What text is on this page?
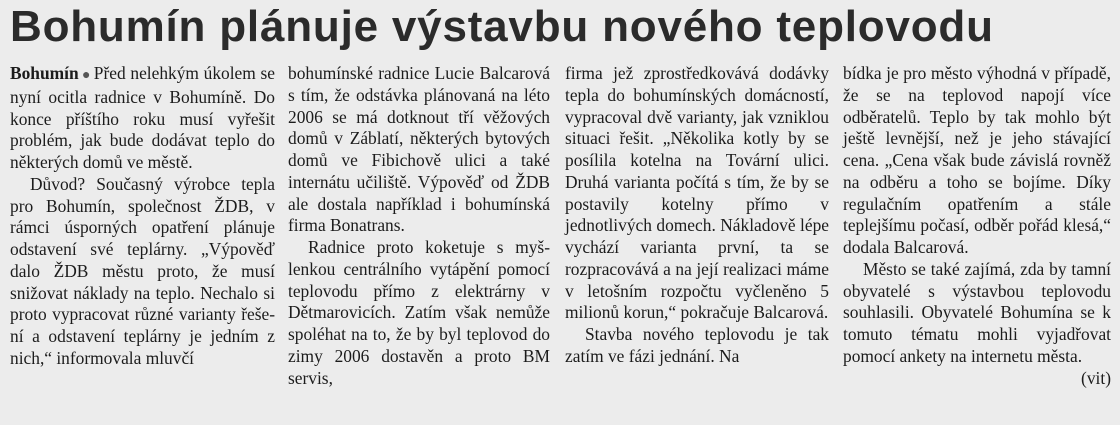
Bohumín plánuje výstavbu nového teplovodu

Bohumín ● Před nelehkým úkolem se nyní ocitla radnice v Bohumíně. Do konce příštího roku musí vyřešit problém, jak bude dodávat teplo do některých domů ve městě.

Důvod? Současný výrobce tepla pro Bohumín, společnost ŽDB, v rámci úsporných opatření plánuje odstavení své teplárny. „Výpověď dalo ŽDB městu proto, že musí snižovat náklady na teplo. Nechalo si proto vypracovat různé varianty řešení a odstavení teplárny je jedním z nich,“ informovala mluvčí

bohumínské radnice Lucie Balcarová s tím, že odstávka plánovaná na léto 2006 se má dotknout tří věžových domů v Záblatí, některých bytových domů ve Fibichově ulici a také internátu učiliště. Výpověď od ŽDB ale dostala například i bohumínská firma Bonatrans.

Radnice proto koketuje s myšlenkou centrálního vytápění pomocí teplovodu přímo z elektrárny v Dětmarovicích. Zatím však nemůže spoléhat na to, že by byl teplovod do zimy 2006 dostavěn a proto BM servis,

firma jež zprostředkovává dodávky tepla do bohumínských domácností, vypracoval dvě varianty, jak vzniklou situaci řešit. „Několika kotly by se posílila kotelna na Tovární ulici. Druhá varianta počítá s tím, že by se postavily kotelny přímo v jednotlivých domech. Nákladově lépe vychází varianta první, ta se rozpracovává a na její realizaci máme v letošním rozpočtu vyčleněno 5 milionů korun,“ pokračuje Balcarová.

Stavba nového teplovodu je tak zatím ve fázi jednání. Na

bídka je pro město výhodná v případě, že se na teplovod napojí více odběratelů. Teplo by tak mohlo být ještě levnější, než je jeho stávající cena. „Cena však bude závislá rovněž na odběru a toho se bojíme. Díky regulačním opatřením a stále teplejšímu počasí, odběr pořád klesá,“ dodala Balcarová.

Město se také zajímá, zda by tamní obyvatelé s výstavbou teplovodu souhlasili. Obyvatelé Bohumína se k tomuto tématu mohli vyjadřovat pomocí ankety na internetu města.
(vit)
